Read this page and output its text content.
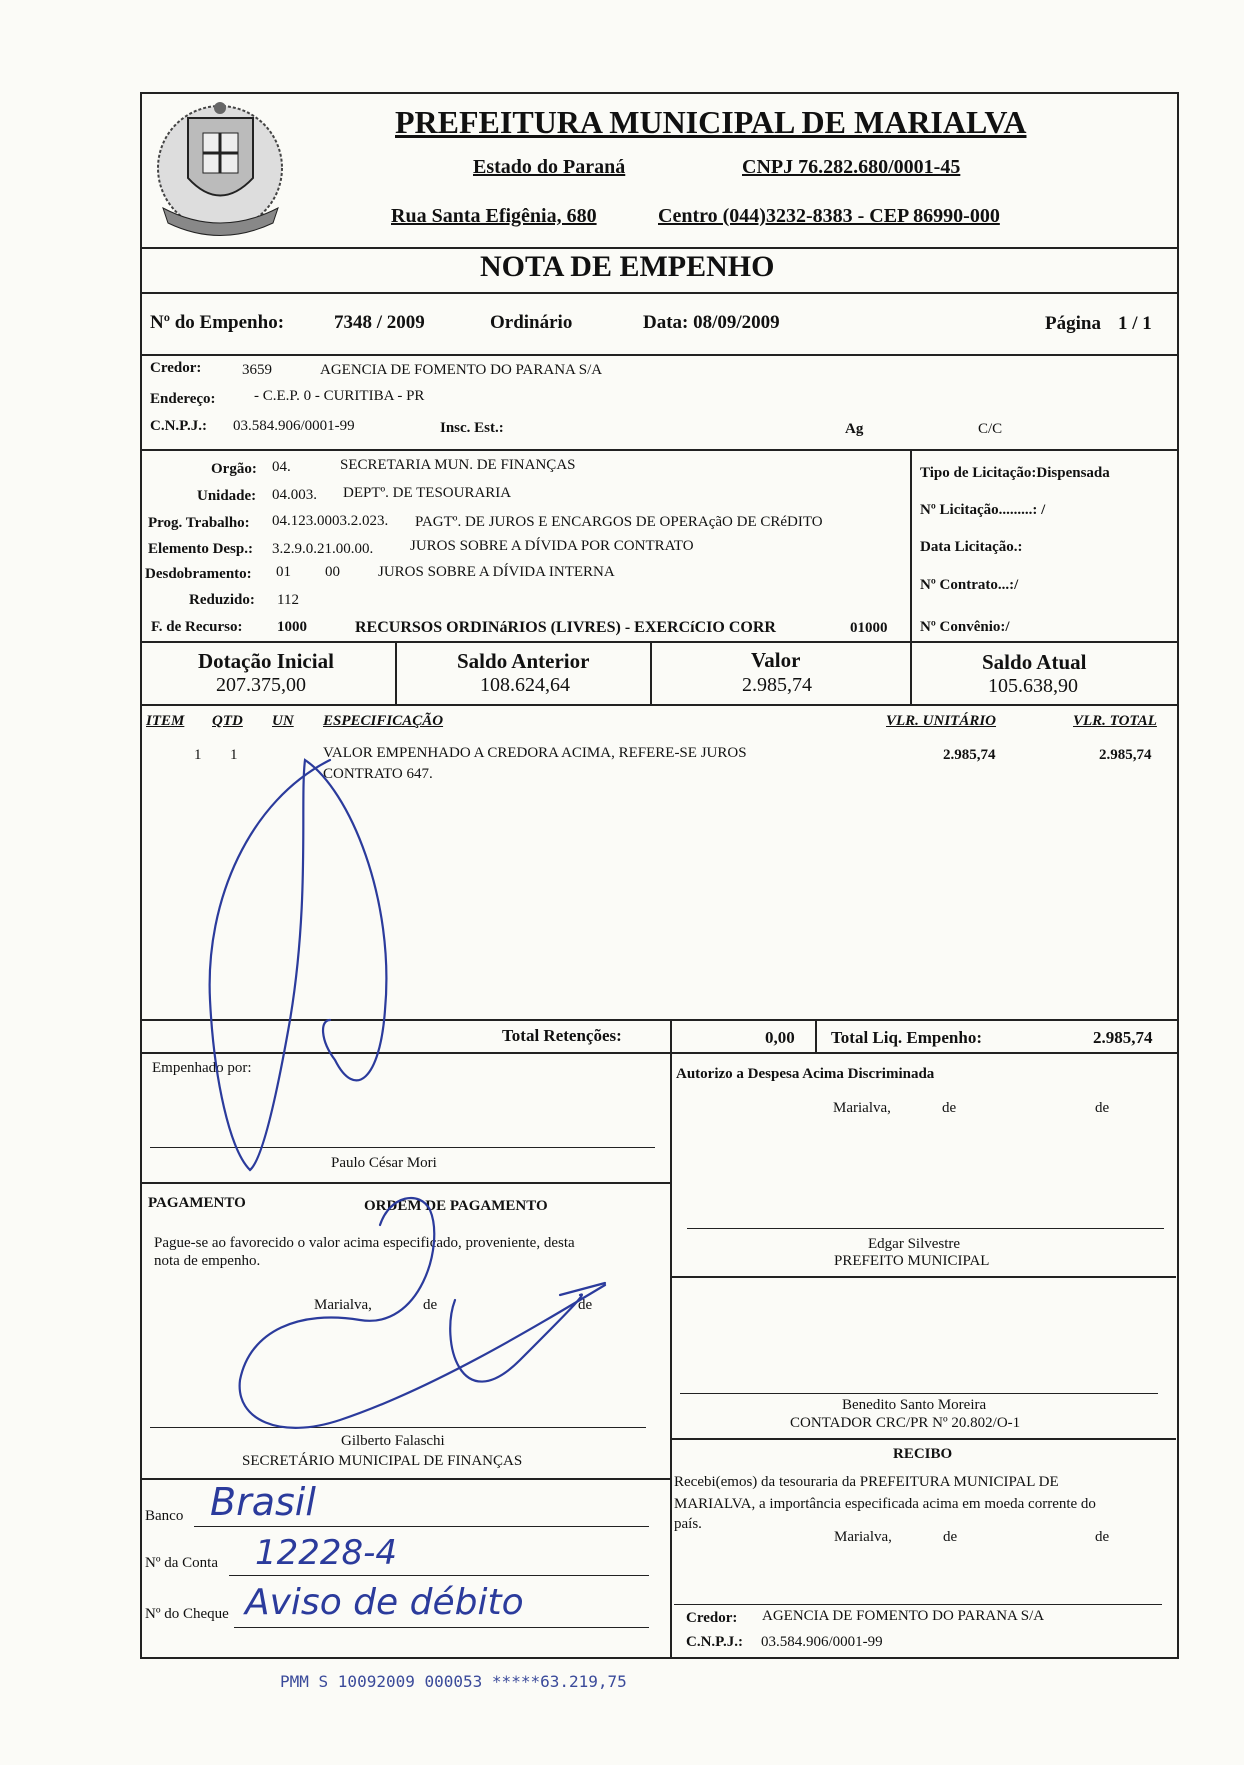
PREFEITURA MUNICIPAL DE MARIALVA
Estado do Paraná	CNPJ 76.282.680/0001-45
Rua Santa Efigênia, 680	Centro (044)3232-8383 - CEP 86990-000
NOTA DE EMPENHO
Nº do Empenho:	7348 / 2009	Ordinário	Data: 08/09/2009	Página 1 / 1
Credor:	3659	AGENCIA DE FOMENTO DO PARANA S/A
Endereço:	- C.E.P. 0 - CURITIBA - PR
C.N.P.J.: 03.584.906/0001-99	Insc. Est.:	Ag	C/C
Orgão: 04.	SECRETARIA MUN. DE FINANÇAS
Unidade: 04.003. DEPTº. DE TESOURARIA
Prog. Trabalho: 04.123.0003.2.023. PAGTº. DE JUROS E ENCARGOS DE OPERAçãO DE CRéDITO
Elemento Desp.: 3.2.9.0.21.00.00. JUROS SOBRE A DÍVIDA POR CONTRATO
Desdobramento: 01 00	JUROS SOBRE A DÍVIDA INTERNA
Reduzido: 112
F. de Recurso: 1000	RECURSOS ORDINáRIOS (LIVRES) - EXERCíCIO CORR	01000
Tipo de Licitação:Dispensada
Nº Licitação.........: /
Data Licitação.:
Nº Contrato...:/
Nº Convênio:/
Dotação Inicial
207.375,00
Saldo Anterior
108.624,64
Valor
2.985,74
Saldo Atual
105.638,90
ITEM QTD UN ESPECIFICAÇÃO	VLR. UNITÁRIO	VLR. TOTAL
1 1	VALOR EMPENHADO A CREDORA ACIMA, REFERE-SE JUROS
CONTRATO 647.
2.985,74	2.985,74
Total Retenções:	0,00 Total Liq. Empenho:	2.985,74
Empenhado por:
Paulo César Mori
Autorizo a Despesa Acima Discriminada
Marialva,	de	de
PAGAMENTO	ORDEM DE PAGAMENTO
Pague-se ao favorecido o valor acima especificado, proveniente, desta
nota de empenho.
Marialva,	de	de
Gilberto Falaschi
SECRETÁRIO MUNICIPAL DE FINANÇAS
Banco Brasil
Nº da Conta 12228-4
Nº do Cheque Aviso de débito
Edgar Silvestre
PREFEITO MUNICIPAL
Benedito Santo Moreira
CONTADOR CRC/PR Nº 20.802/O-1
RECIBO
Recebi(emos) da tesouraria da PREFEITURA MUNICIPAL DE
MARIALVA, a importância especificada acima em moeda corrente do
país.
Marialva,	de	de
Credor: AGENCIA DE FOMENTO DO PARANA S/A
C.N.P.J.: 03.584.906/0001-99
PMM S 10092009 000053 *****63.219,75
